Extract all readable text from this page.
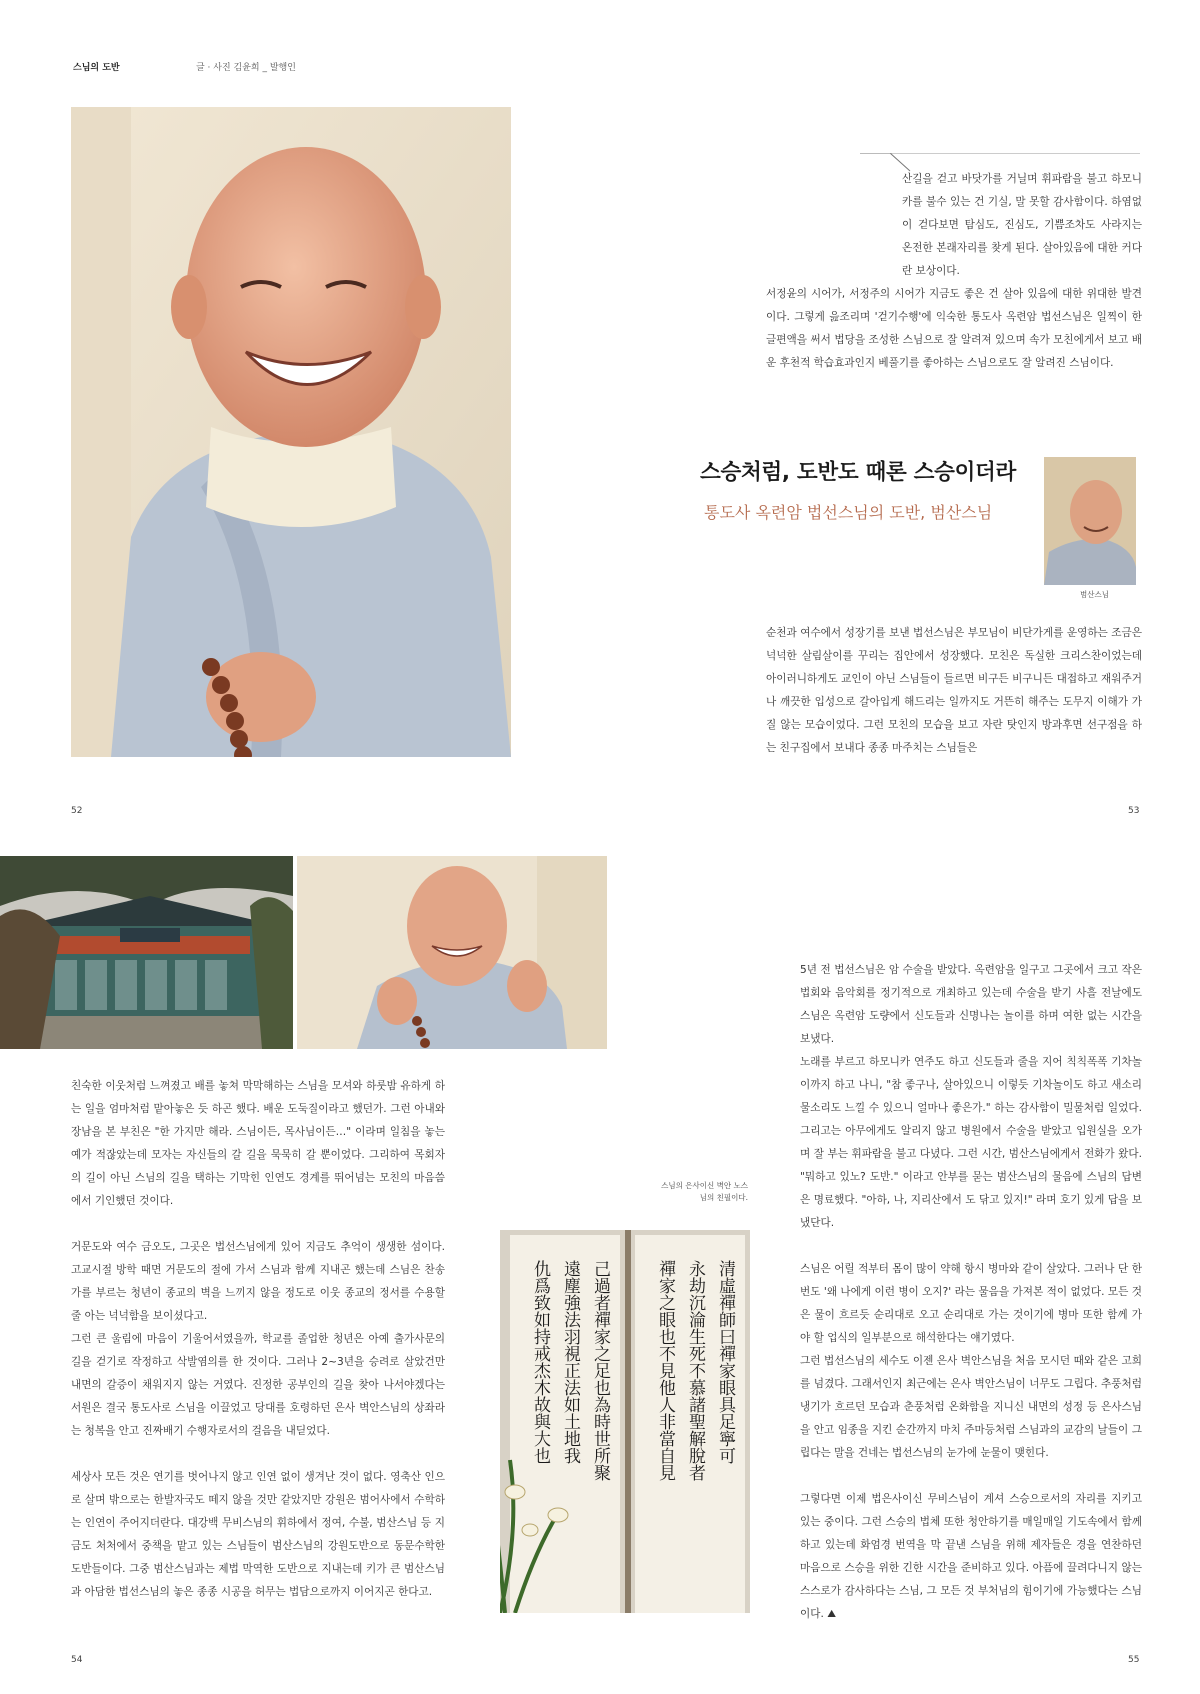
스님의 도반	글 · 사진 김윤희 _ 발행인

산길을 걷고 바닷가를 거닐며 휘파람을 불고 하모니카를 불수 있는 건 기실, 말 못할 감사함이다. 하염없이 걷다보면 탐심도, 진심도, 기쁨조차도 사라지는 온전한 본래자리를 찾게 된다. 살아있음에 대한 커다란 보상이다.

서정윤의 시어가, 서정주의 시어가 지금도 좋은 건 살아 있음에 대한 위대한 발견이다. 그렇게 읊조리며 '걷기수행'에 익숙한 통도사 옥련암 법선스님은 일찍이 한글편액을 써서 법당을 조성한 스님으로 잘 알려져 있으며 속가 모친에게서 보고 배운 후천적 학습효과인지 베풀기를 좋아하는 스님으로도 잘 알려진 스님이다.

스승처럼, 도반도 때론 스승이더라
통도사 옥련암 법선스님의 도반, 범산스님
범산스님

순천과 여수에서 성장기를 보낸 법선스님은 부모님이 비단가게를 운영하는 조금은 넉넉한 살림살이를 꾸리는 집안에서 성장했다. 모친은 독실한 크리스찬이었는데 아이러니하게도 교인이 아닌 스님들이 들르면 비구든 비구니든 대접하고 재워주거나 깨끗한 입성으로 갈아입게 해드리는 일까지도 거뜬히 해주는 도무지 이해가 가질 않는 모습이었다. 그런 모친의 모습을 보고 자란 탓인지 방과후면 선구점을 하는 친구집에서 보내다 종종 마주치는 스님들은

52	53

친숙한 이웃처럼 느껴졌고 배를 놓쳐 막막해하는 스님을 모셔와 하룻밤 유하게 하는 일을 엄마처럼 맡아놓은 듯 하곤 했다. 배운 도둑질이라고 했던가. 그런 아내와 장남을 본 부친은 "한 가지만 해라. 스님이든, 목사님이든…" 이라며 일침을 놓는 예가 적잖았는데 모자는 자신들의 갈 길을 묵묵히 갈 뿐이었다. 그리하여 목회자의 길이 아닌 스님의 길을 택하는 기막힌 인연도 경계를 뛰어넘는 모친의 마음씀에서 기인했던 것이다.

거문도와 여수 금오도, 그곳은 법선스님에게 있어 지금도 추억이 생생한 섬이다. 고교시절 방학 때면 거문도의 절에 가서 스님과 함께 지내곤 했는데 스님은 찬송가를 부르는 청년이 종교의 벽을 느끼지 않을 정도로 이웃 종교의 정서를 수용할 줄 아는 넉넉함을 보이셨다고.

그런 큰 울림에 마음이 기울어서였을까, 학교를 졸업한 청년은 아예 출가사문의 길을 걷기로 작정하고 삭발염의를 한 것이다. 그러나 2~3년을 승려로 살았건만 내면의 갈증이 채워지지 않는 거였다. 진정한 공부인의 길을 찾아 나서야겠다는 서원은 결국 통도사로 스님을 이끌었고 당대를 호령하던 은사 벽안스님의 상좌라는 청복을 안고 진짜배기 수행자로서의 걸음을 내딛었다.

세상사 모든 것은 연기를 벗어나지 않고 인연 없이 생겨난 것이 없다. 영축산 인으로 살며 밖으로는 한발자국도 떼지 않을 것만 같았지만 강원은 범어사에서 수학하는 인연이 주어지더란다. 대강백 무비스님의 휘하에서 정여, 수불, 범산스님 등 지금도 처처에서 중책을 맡고 있는 스님들이 범산스님의 강원도반으로 동문수학한 도반들이다. 그중 범산스님과는 제법 막역한 도반으로 지내는데 키가 큰 범산스님과 아담한 법선스님의 놓은 종종 시공을 허무는 법담으로까지 이어지곤 한다고.

스님의 은사이신 벽안 노스님의 친필이다.
清虛禪師曰禪家眼具足寧可
永劫沉淪生死不慕諸聖解脫者
禪家之眼也不見他人非當自見
己過者禪家之足也為時世所聚
遠塵強法羽視正法如土地我
仇爲致如持戒杰木故與大也

5년 전 법선스님은 암 수술을 받았다. 옥련암을 일구고 그곳에서 크고 작은 법회와 음악회를 정기적으로 개최하고 있는데 수술을 받기 사흘 전날에도 스님은 옥련암 도량에서 신도들과 신명나는 놀이를 하며 여한 없는 시간을 보냈다.

노래를 부르고 하모니카 연주도 하고 신도들과 줄을 지어 칙칙폭폭 기차놀이까지 하고 나니, "참 좋구나, 살아있으니 이렇듯 기차놀이도 하고 새소리 물소리도 느낄 수 있으니 얼마나 좋은가." 하는 감사함이 밀물처럼 일었다. 그리고는 아무에게도 알리지 않고 병원에서 수술을 받았고 입원실을 오가며 잘 부는 휘파람을 불고 다녔다. 그런 시간, 범산스님에게서 전화가 왔다. "뭐하고 있노? 도반." 이라고 안부를 묻는 범산스님의 물음에 스님의 답변은 명료했다. "아하, 나, 지리산에서 도 닦고 있지!" 라며 호기 있게 답을 보냈단다.

스님은 어릴 적부터 몸이 많이 약해 항시 병마와 같이 살았다. 그러나 단 한번도 '왜 나에게 이런 병이 오지?' 라는 물음을 가져본 적이 없었다. 모든 것은 물이 흐르듯 순리대로 오고 순리대로 가는 것이기에 병마 또한 함께 가야 할 업식의 일부분으로 해석한다는 얘기였다.

그런 법선스님의 세수도 이젠 은사 벽안스님을 처음 모시던 때와 같은 고희를 넘겼다. 그래서인지 최근에는 은사 벽안스님이 너무도 그립다. 추풍처럼 냉기가 흐르던 모습과 춘풍처럼 온화함을 지니신 내면의 성정 등 은사스님을 안고 임종을 지킨 순간까지 마치 주마등처럼 스님과의 교감의 날들이 그립다는 말을 건네는 법선스님의 눈가에 눈물이 맺힌다.

그렇다면 이제 법은사이신 무비스님이 계셔 스승으로서의 자리를 지키고 있는 중이다. 그런 스승의 법체 또한 청안하기를 매일매일 기도속에서 함께 하고 있는데 화엄경 번역을 막 끝낸 스님을 위해 제자들은 경을 연찬하던 마음으로 스승을 위한 긴한 시간을 준비하고 있다. 아픔에 끌려다니지 않는 스스로가 감사하다는 스님, 그 모든 것 부처님의 힘이기에 가능했다는 스님이다. ⛰

54	55
